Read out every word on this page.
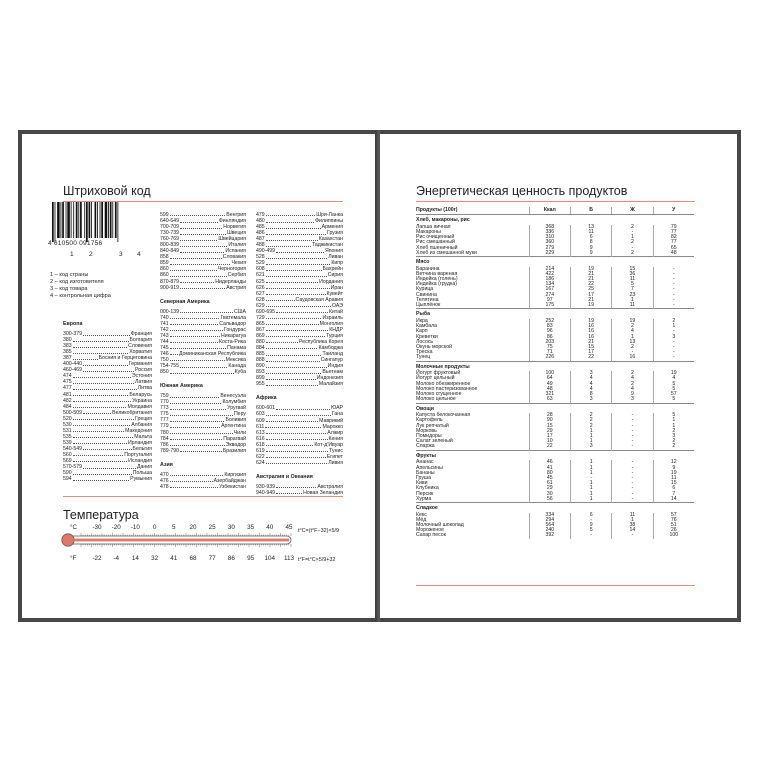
Штриховой код
4 610500 091756
1 2	3 4
1 – код страны
2 – код изготовителя
3 – код товара
4 – контрольная цифра
Европа
300-379	Франция
380	Болгария
383	Словения
385	Хорватия
387	Босния и Герцеговина
400-440	Германия
460-469	Россия
474	Эстония
475	Латвия
477	Литва
481	Беларусь
482	Украина
484	Молдавия
500-509	Великобритания
520	Греция
530	Албания
531	Македония
535	Мальта
539	Ирландия
540-549	Бельгия
560	Португалия
569	Исландия
570-579	Дания
590	Польша
594	Румыния
599	Венгрия
640-649	Финляндия
700-709	Норвегия
730-739	Швеция
760-769	Швейцария
800-839	Италия
840-849	Испания
858	Словакия
859	Чехия
860	Черногория
860	Сербия
870-879	Нидерланды
900-919	Австрия
Северная Америка
000-139	США
740	Гватемала
741	Сальвадор
742	Гондурас
743	Никарагуа
744	Коста-Рика
745	Панама
746 Доминиканская Республика
750	Мексика
754-755	Канада
850	Куба
Южная Америка
759	Венесуэла
770	Колумбия
773	Уругвай
775	Перу
777	Боливия
779	Аргентина
780	Чили
784	Парагвай
786	Эквадор
789-790	Бразилия
Азия
470	Киргизия
476	Азербайджан
478	Узбекистан
479	Шри-Ланка
480	Филиппины
485	Армения
486	Грузия
487	Казахстан
488	Таджикистан
490-499	Япония
528	Ливан
529	Кипр
608	Бахрейн
621	Сирия
625	Иордания
626	Иран
627	Кувейт
628	Саудовская Аравия
629	ОАЭ
690-695	Китай
729	Израиль
865	Монголия
867	КНДР
869	Турция
880	Республика Корея
884	Камбоджа
885	Таиланд
888	Сингапур
890	Индия
893	Вьетнам
899	Индонезия
955	Малайзия
Африка
600-601	ЮАР
603	Гана
609	Маврикий
611	Марокко
613	Алжир
616	Кения
618	Кот-д'Ивуар
619	Тунис
622	Египет
624	Ливия
Австралия и Океания
930-939	Австралия
940-949	Новая Зеландия
Температура
°C	-30	-20	-10	0	5	20	25	30	35	40	45
°F	-22	-4	14	32	41	68	77	86	95	104	113
t°C=(t°F−32)×5/9
t°F=t°C×5/9+32
Энергетическая ценность продуктов
Продукты (100г)	Ккал	Б	Ж	У
Хлеб, макароны, рис				
Лапша яичная	368	13	2	79
Макароны	336	11	-	77
Рис очищенный	310	6	1	82
Рис смешанный	360	8	2	77
Хлеб пшеничный	279	9	-	65
Хлеб из смешанной муки	229	9	2	48
Мясо				
Баранина	214	19	15	-
Ветчина вареная	422	21	36	-
Индейка (голень)	186	21	11	-
Индейка (грудка)	134	22	5	-
Курица	167	25	7	-
Свинина	274	17	23	-
Телятина	97	21	1	-
Цыплёнок	175	19	11	-
Рыба				
Икра	252	19	19	2
Камбала	83	16	2	1
Карп	96	16	4	-
Креветки	86	16	1	3
Лосось	203	21	13	-
Окунь морской	75	15	2	-
Треска	71	17	-	-
Тунец	226	22	16	-
Молочные продукты				
Йогурт фруктовый	100	3	2	19
Йогурт цельный	64	4	4	4
Молоко обезжиренное	49	4	2	5
Молоко пастеризованное	48	4	4	5
Молоко сгущенное	321	8	9	57
Молоко цельное	63	3	3	5
Овощи				
Капуста белокочанная	28	2	-	5
Картофель	90	2	-	1
Лук репчатый	15	2	-	1
Морковь	29	1	-	2
Помидоры	17	1	-	3
Салат зеленый	10	1	-	2
Спаржа	22	3	-	2
Фрукты				
Ананас	46	1	-	12
Апельсины	41	1	-	9
Бананы	80	1	-	19
Груша	45	-	-	11
Киви	61	1	-	15
Клубника	29	1	-	6
Персик	30	1	-	7
Хурма	56	1	-	14
Сладкое				
Кекс	334	6	11	57
Мёд	294	-	1	76
Молочный шоколад	564	9	38	51
Мороженое	240	5	14	26
Сахар песок	392	-	-	100
